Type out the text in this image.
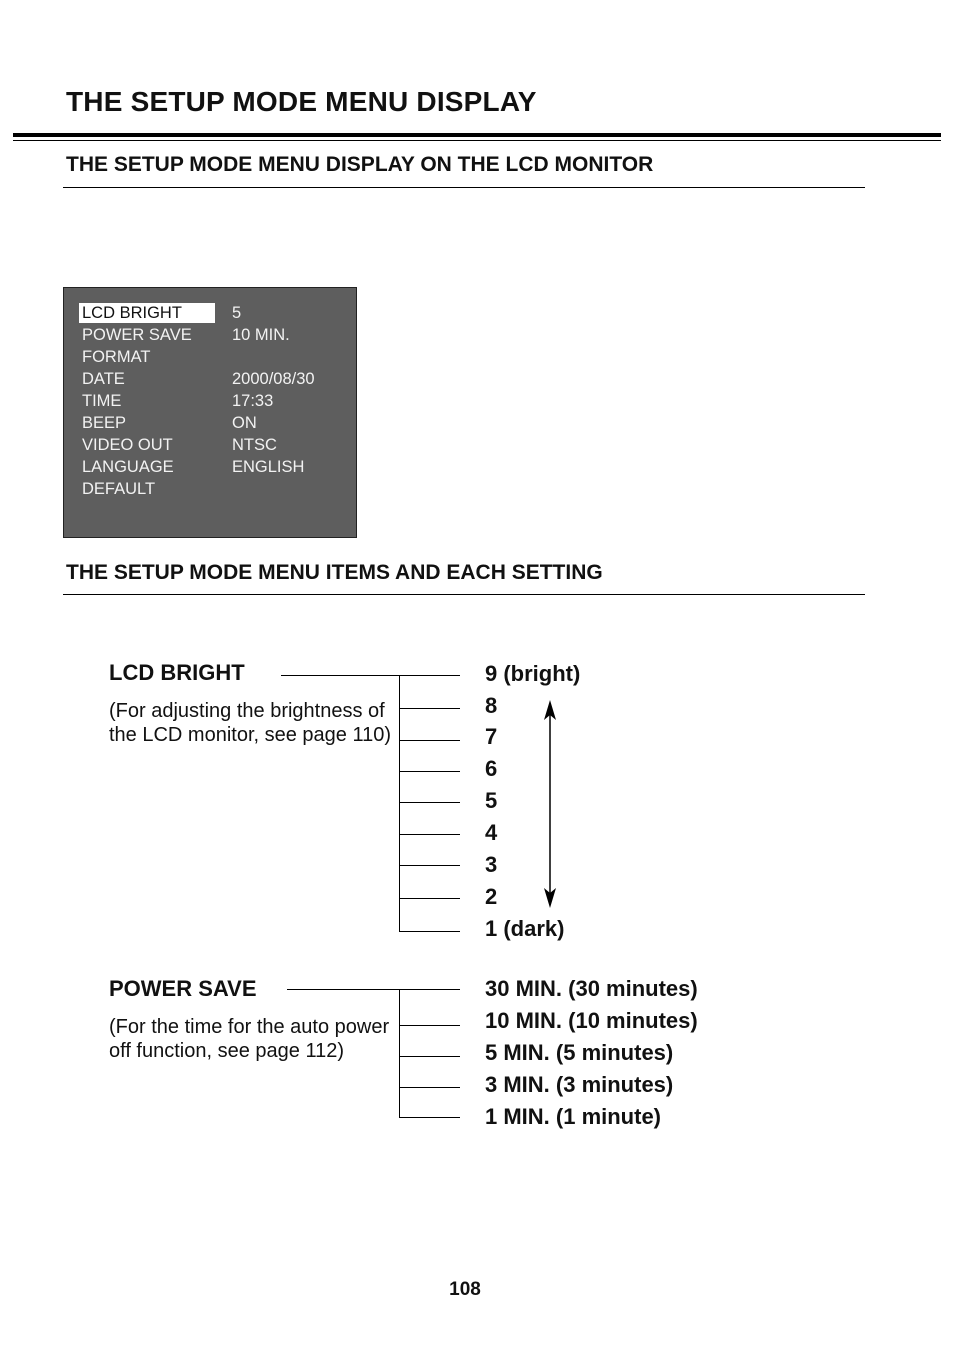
THE SETUP MODE MENU DISPLAY
THE SETUP MODE MENU DISPLAY ON THE LCD MONITOR
LCD BRIGHT	5
POWER SAVE 10 MIN.
FORMAT
DATE	2000/08/30
TIME	17:33
BEEP	ON
VIDEO OUT	NTSC
LANGUAGE	ENGLISH
DEFAULT
THE SETUP MODE MENU ITEMS AND EACH SETTING
LCD BRIGHT
(For adjusting the brightness of the LCD monitor, see page 110)
9 (bright)
8
7
6
5
4
3
2
1 (dark)
POWER SAVE
(For the time for the auto power off function, see page 112)
30 MIN. (30 minutes)
10 MIN. (10 minutes)
5 MIN. (5 minutes)
3 MIN. (3 minutes)
1 MIN. (1 minute)
108
